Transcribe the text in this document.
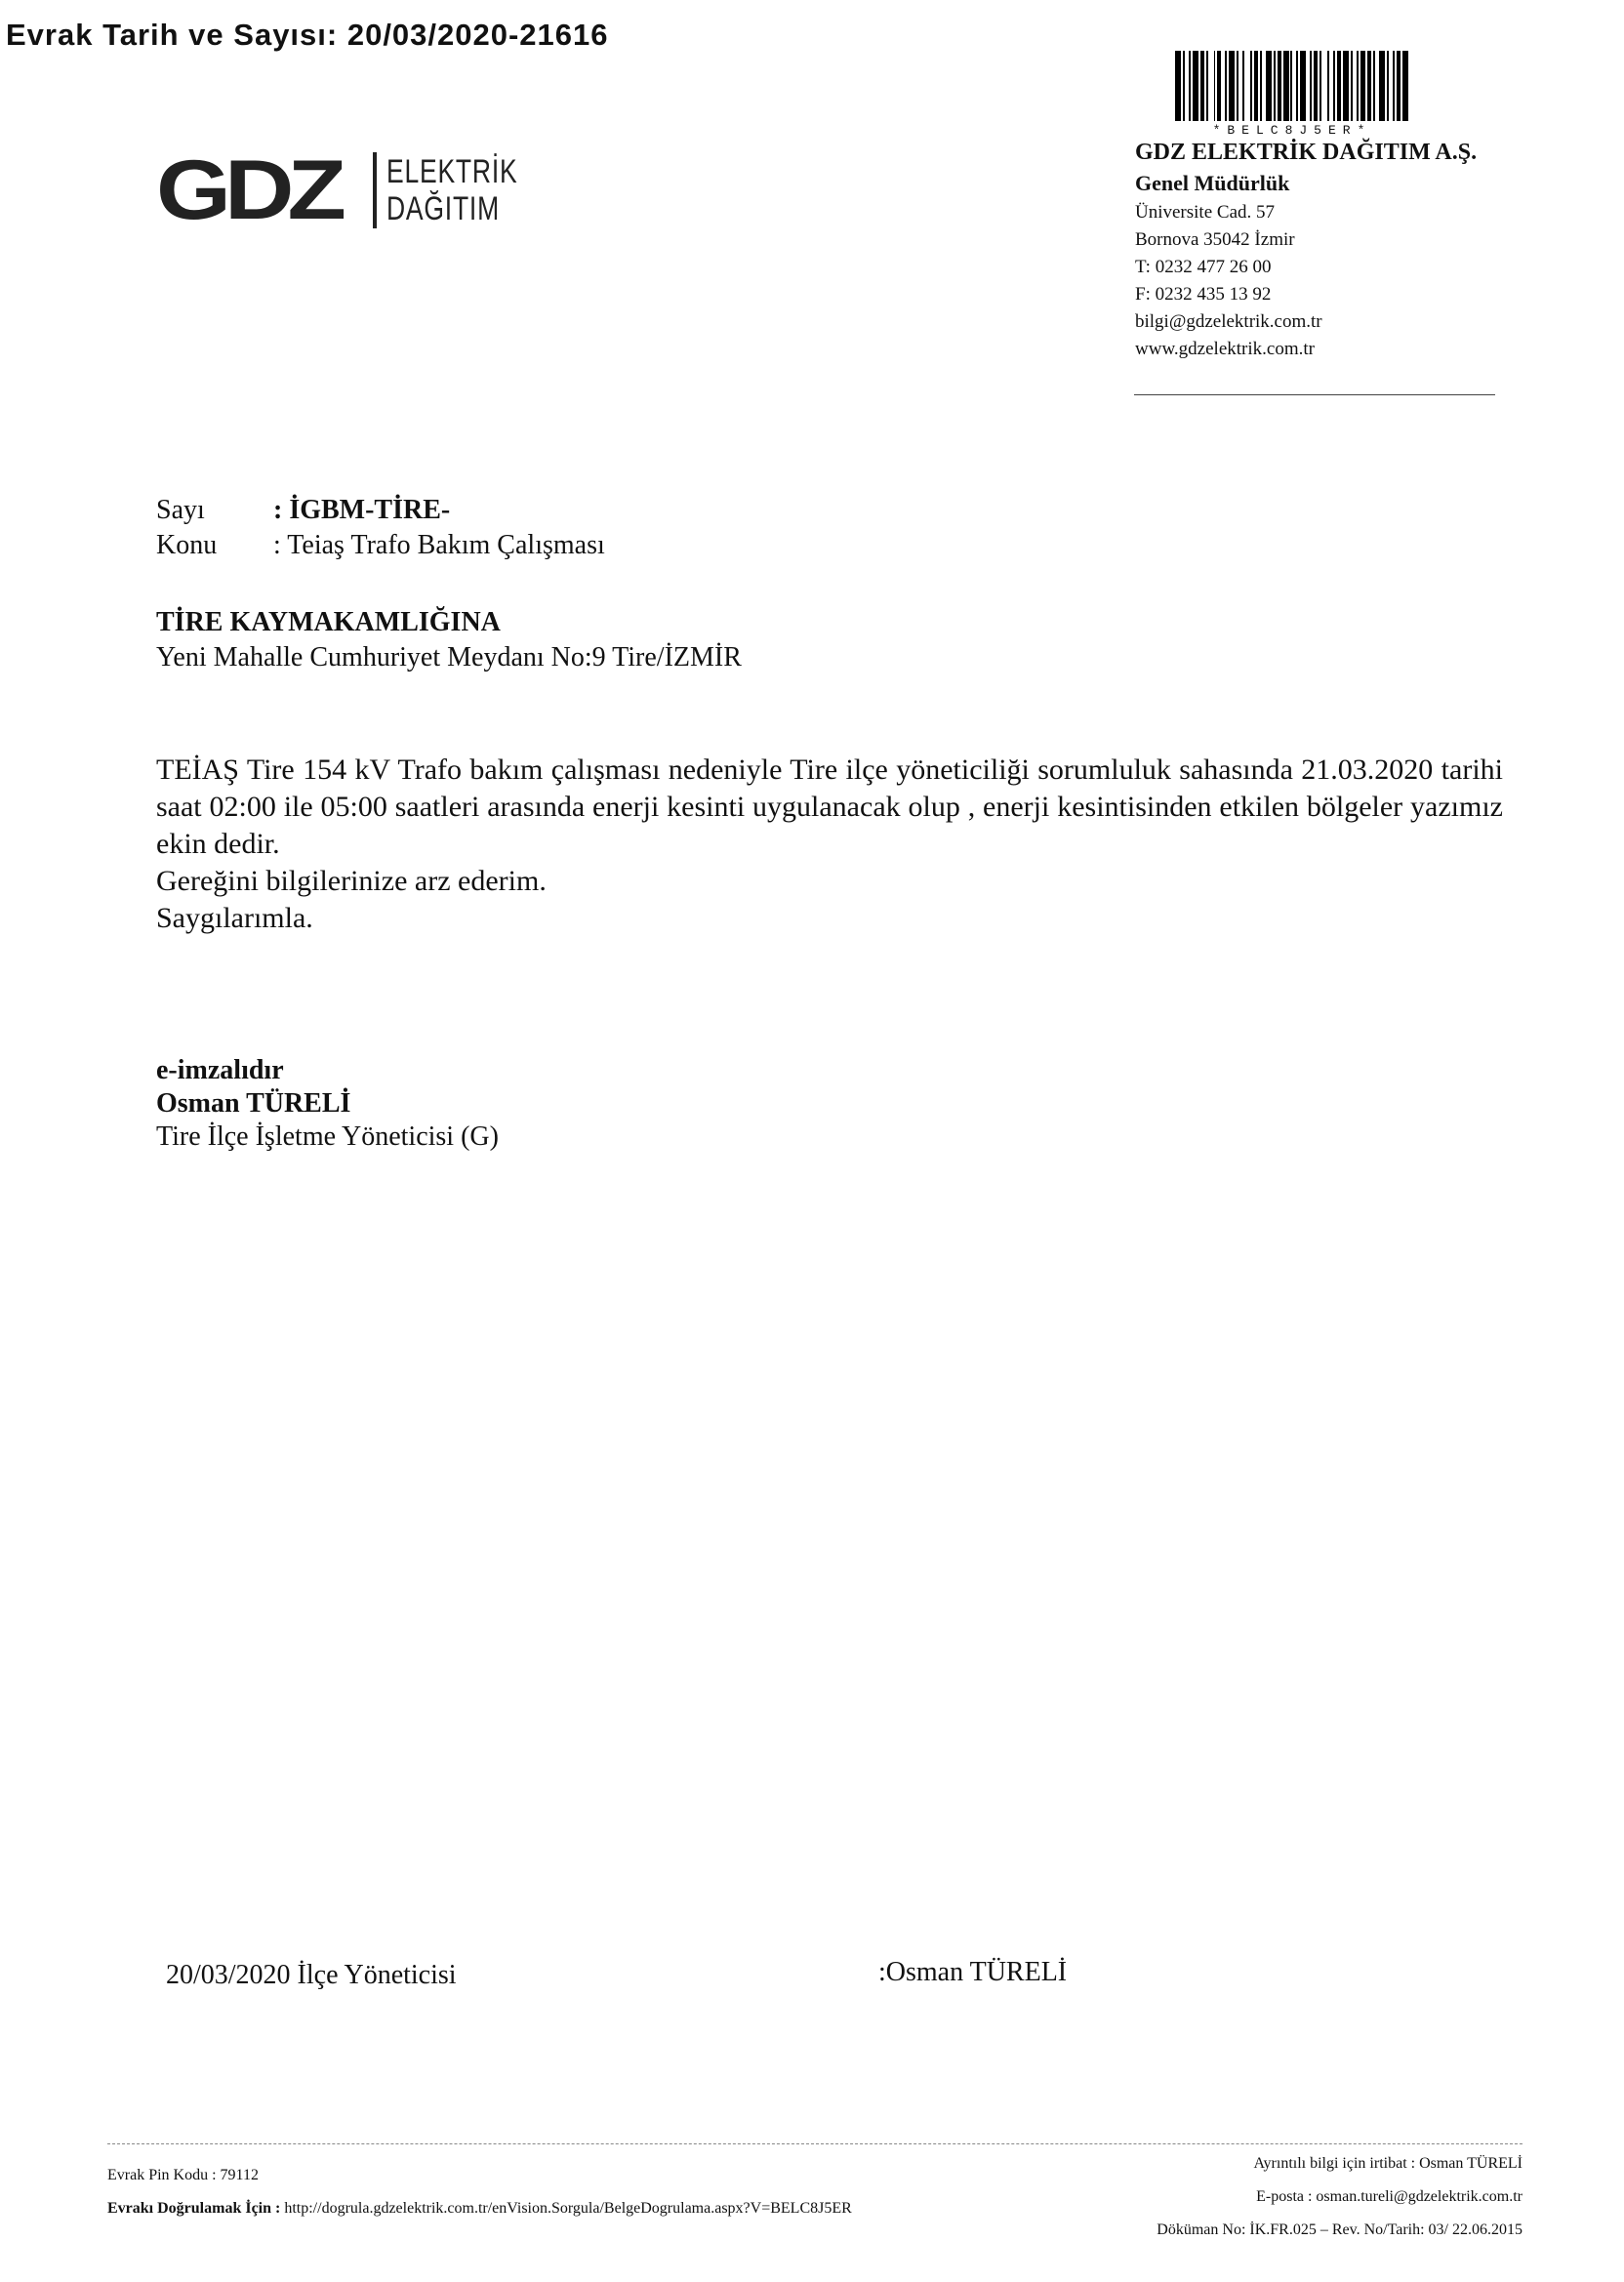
Evrak Tarih ve Sayısı: 20/03/2020-21616
GDZ ELEKTRİK
DAĞITIM
*BELC8J5ER*
GDZ ELEKTRİK DAĞITIM A.Ş.
Genel Müdürlük
Üniversite Cad. 57
Bornova 35042 İzmir
T: 0232 477 26 00
F: 0232 435 13 92
bilgi@gdzelektrik.com.tr
www.gdzelektrik.com.tr
Sayı	: İGBM-TİRE-
Konu	: Teiaş Trafo Bakım Çalışması
TİRE KAYMAKAMLIĞINA
Yeni Mahalle Cumhuriyet Meydanı No:9 Tire/İZMİR

TEİAŞ Tire 154 kV Trafo bakım çalışması nedeniyle Tire ilçe yöneticiliği sorumluluk sahasında 21.03.2020 tarihi saat 02:00 ile 05:00 saatleri arasında enerji kesinti uygulanacak olup , enerji kesintisinden etkilen bölgeler yazımız ekin dedir.

Gereğini bilgilerinize arz ederim.

Saygılarımla.

e-imzalıdır
Osman TÜRELİ
Tire İlçe İşletme Yöneticisi (G)
20/03/2020 İlçe Yöneticisi	:Osman TÜRELİ
Evrak Pin Kodu : 79112
Evrakı Doğrulamak İçin : http://dogrula.gdzelektrik.com.tr/enVision.Sorgula/BelgeDogrulama.aspx?V=BELC8J5ER
Ayrıntılı bilgi için irtibat : Osman TÜRELİ
E-posta : osman.tureli@gdzelektrik.com.tr
Döküman No: İK.FR.025 – Rev. No/Tarih: 03/ 22.06.2015
